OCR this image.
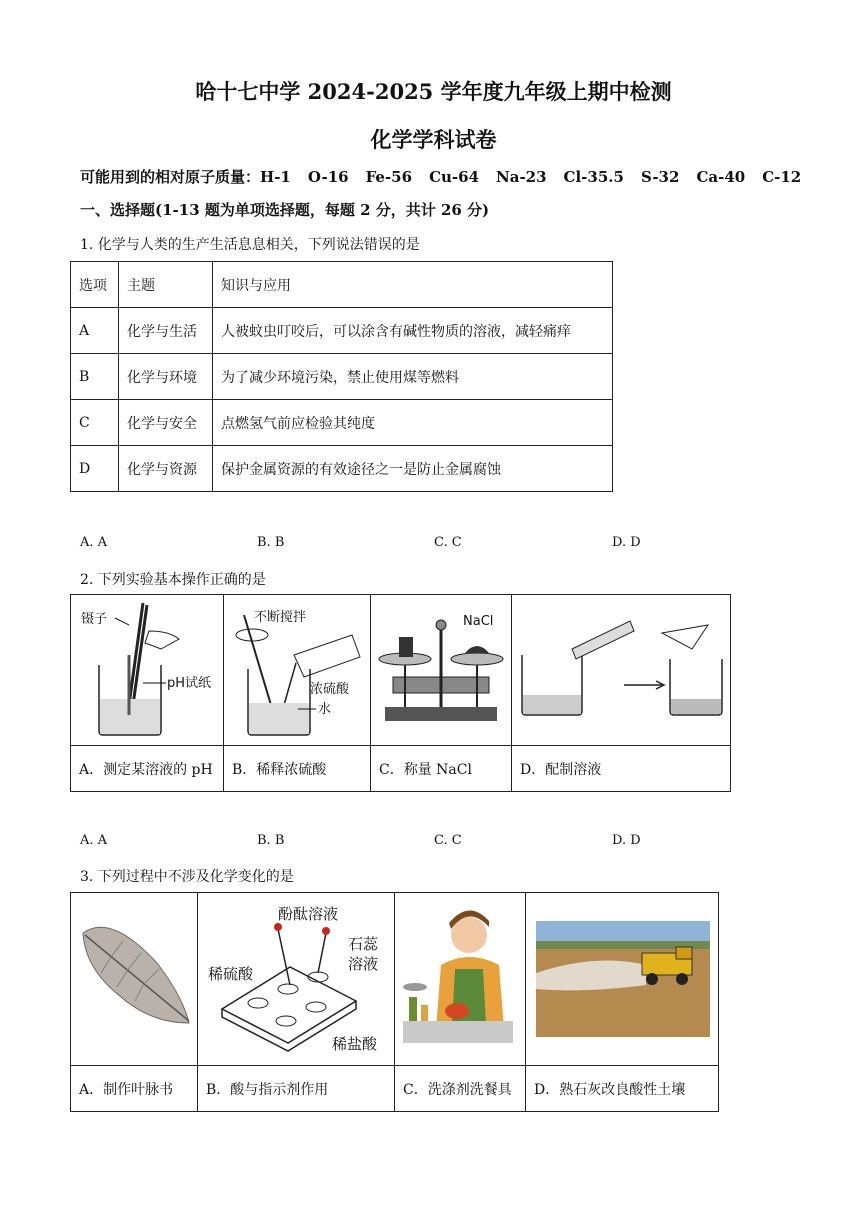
哈十七中学 2024-2025 学年度九年级上期中检测
化学学科试卷
可能用到的相对原子质量：H-1 O-16 Fe-56 Cu-64 Na-23 Cl-35.5 S-32 Ca-40 C-12
一、选择题(1-13 题为单项选择题，每题 2 分，共计 26 分)
1. 化学与人类的生产生活息息相关，下列说法错误的是
选项	主题	知识与应用
A	化学与生活	人被蚊虫叮咬后，可以涂含有碱性物质的溶液，减轻痛痒
B	化学与环境	为了减少环境污染，禁止使用煤等燃料
C	化学与安全	点燃氢气前应检验其纯度
D	化学与资源	保护金属资源的有效途径之一是防止金属腐蚀
A. A	B. B	C. C	D. D
2. 下列实验基本操作正确的是
镊子
pH试纸	不断搅拌
浓硫酸
水	NaCl

A．测定某溶液的 pH	B．稀释浓硫酸	C．称量 NaCl	D．配制溶液
A. A	B. B	C. C	D. D
3. 下列过程中不涉及化学变化的是

酚酞溶液
石蕊
溶液
稀硫酸
稀盐酸

A．制作叶脉书	B．酸与指示剂作用	C．洗涤剂洗餐具	D．熟石灰改良酸性土壤
